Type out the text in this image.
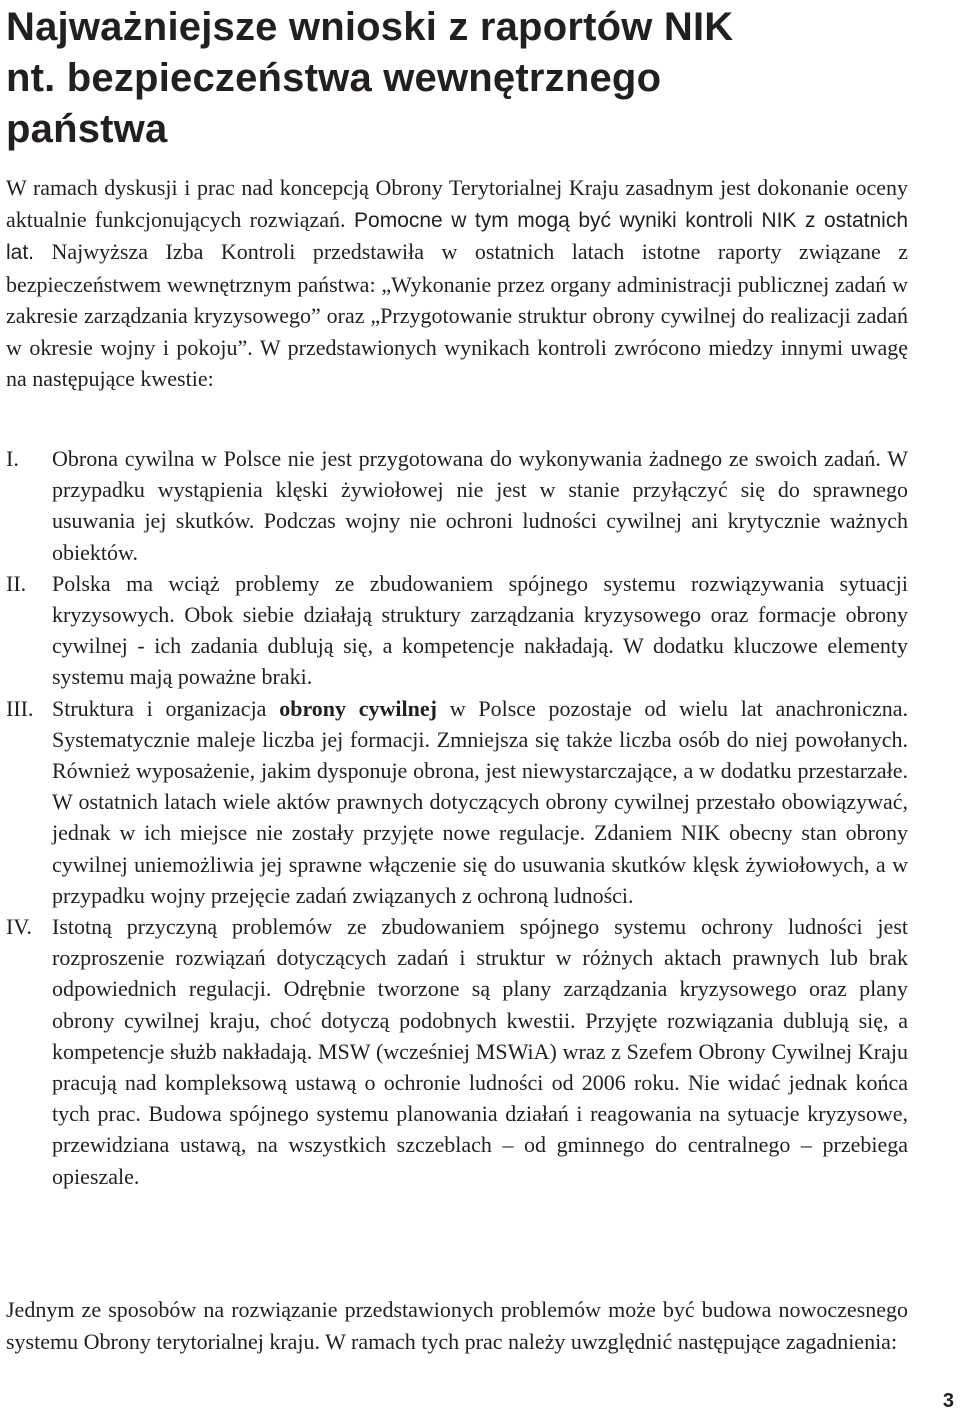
Najważniejsze wnioski z raportów NIK
nt. bezpieczeństwa wewnętrznego
państwa

W ramach dyskusji i prac nad koncepcją Obrony Terytorialnej Kraju zasadnym jest dokonanie oceny aktualnie funkcjonujących rozwiązań. Pomocne w tym mogą być wyniki kontroli NIK z ostatnich lat. Najwyższa Izba Kontroli przedstawiła w ostatnich latach istotne raporty związane z bezpieczeństwem wewnętrznym państwa: „Wykonanie przez organy administracji publicznej zadań w zakresie zarządzania kryzysowego” oraz „Przygotowanie struktur obrony cywilnej do realizacji zadań w okresie wojny i pokoju”. W przedstawionych wynikach kontroli zwrócono miedzy innymi uwagę na następujące kwestie:

I. Obrona cywilna w Polsce nie jest przygotowana do wykonywania żadnego ze swoich zadań. W przypadku wystąpienia klęski żywiołowej nie jest w stanie przyłączyć się do sprawnego usuwania jej skutków. Podczas wojny nie ochroni ludności cywilnej ani krytycznie ważnych obiektów.
II. Polska ma wciąż problemy ze zbudowaniem spójnego systemu rozwiązywania sytuacji kryzysowych. Obok siebie działają struktury zarządzania kryzysowego oraz formacje obrony cywilnej - ich zadania dublują się, a kompetencje nakładają. W dodatku kluczowe elementy systemu mają poważne braki.
III. Struktura i organizacja obrony cywilnej w Polsce pozostaje od wielu lat anachroniczna. Systematycznie maleje liczba jej formacji. Zmniejsza się także liczba osób do niej powołanych. Również wyposażenie, jakim dysponuje obrona, jest niewystarczające, a w dodatku przestarzałe. W ostatnich latach wiele aktów prawnych dotyczących obrony cywilnej przestało obowiązywać, jednak w ich miejsce nie zostały przyjęte nowe regulacje. Zdaniem NIK obecny stan obrony cywilnej uniemożliwia jej sprawne włączenie się do usuwania skutków klęsk żywiołowych, a w przypadku wojny przejęcie zadań związanych z ochroną ludności.
IV. Istotną przyczyną problemów ze zbudowaniem spójnego systemu ochrony ludności jest rozproszenie rozwiązań dotyczących zadań i struktur w różnych aktach prawnych lub brak odpowiednich regulacji. Odrębnie tworzone są plany zarządzania kryzysowego oraz plany obrony cywilnej kraju, choć dotyczą podobnych kwestii. Przyjęte rozwiązania dublują się, a kompetencje służb nakładają. MSW (wcześniej MSWiA) wraz z Szefem Obrony Cywilnej Kraju pracują nad kompleksową ustawą o ochronie ludności od 2006 roku. Nie widać jednak końca tych prac. Budowa spójnego systemu planowania działań i reagowania na sytuacje kryzysowe, przewidziana ustawą, na wszystkich szczeblach – od gminnego do centralnego – przebiega opieszale.

Jednym ze sposobów na rozwiązanie przedstawionych problemów może być budowa nowoczesnego systemu Obrony terytorialnej kraju. W ramach tych prac należy uwzględnić następujące zagadnienia:

3
